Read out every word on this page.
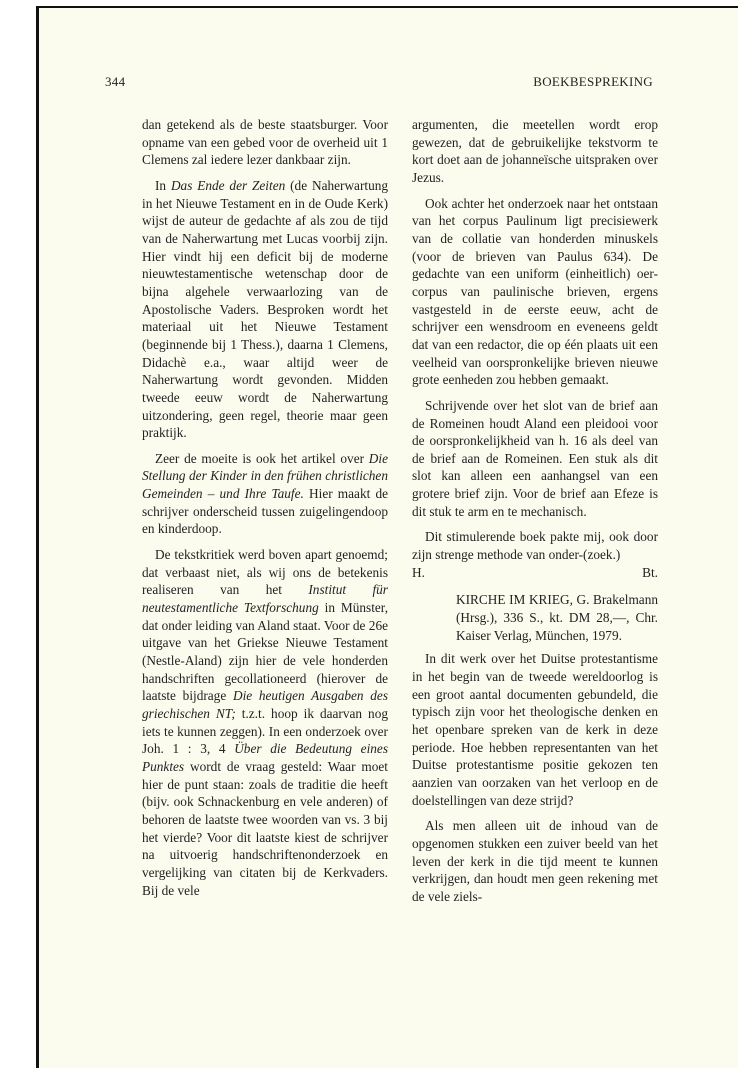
344	BOEKBESPREKING

dan getekend als de beste staatsburger. Voor opname van een gebed voor de overheid uit 1 Clemens zal iedere lezer dankbaar zijn.

In Das Ende der Zeiten (de Naherwartung in het Nieuwe Testament en in de Oude Kerk) wijst de auteur de gedachte af als zou de tijd van de Naherwartung met Lucas voorbij zijn. Hier vindt hij een deficit bij de moderne nieuwtestamentische wetenschap door de bijna algehele verwaarlozing van de Apostolische Vaders. Besproken wordt het materiaal uit het Nieuwe Testament (beginnende bij 1 Thess.), daarna 1 Clemens, Didachè e.a., waar altijd weer de Naherwartung wordt gevonden. Midden tweede eeuw wordt de Naherwartung uitzondering, geen regel, theorie maar geen praktijk.

Zeer de moeite is ook het artikel over Die Stellung der Kinder in den frühen christlichen Gemeinden – und Ihre Taufe. Hier maakt de schrijver onderscheid tussen zuigelingendoop en kinderdoop.

De tekstkritiek werd boven apart genoemd; dat verbaast niet, als wij ons de betekenis realiseren van het Institut für neutestamentliche Textforschung in Münster, dat onder leiding van Aland staat. Voor de 26e uitgave van het Griekse Nieuwe Testament (Nestle-Aland) zijn hier de vele honderden handschriften gecollationeerd (hierover de laatste bijdrage Die heutigen Ausgaben des griechischen NT; t.z.t. hoop ik daarvan nog iets te kunnen zeggen). In een onderzoek over Joh. 1 : 3, 4 Über die Bedeutung eines Punktes wordt de vraag gesteld: Waar moet hier de punt staan: zoals de traditie die heeft (bijv. ook Schnackenburg en vele anderen) of behoren de laatste twee woorden van vs. 3 bij het vierde? Voor dit laatste kiest de schrijver na uitvoerig handschriftenonderzoek en vergelijking van citaten bij de Kerkvaders. Bij de vele

argumenten, die meetellen wordt erop gewezen, dat de gebruikelijke tekstvorm te kort doet aan de johanneïsche uitspraken over Jezus.

Ook achter het onderzoek naar het ontstaan van het corpus Paulinum ligt precisiewerk van de collatie van honderden minuskels (voor de brieven van Paulus 634). De gedachte van een uniform (einheitlich) oer-corpus van paulinische brieven, ergens vastgesteld in de eerste eeuw, acht de schrijver een wensdroom en eveneens geldt dat van een redactor, die op één plaats uit een veelheid van oorspronkelijke brieven nieuwe grote eenheden zou hebben gemaakt.

Schrijvende over het slot van de brief aan de Romeinen houdt Aland een pleidooi voor de oorspronkelijkheid van h. 16 als deel van de brief aan de Romeinen. Een stuk als dit slot kan alleen een aanhangsel van een grotere brief zijn. Voor de brief aan Efeze is dit stuk te arm en te mechanisch.

Dit stimulerende boek pakte mij, ook door zijn strenge methode van onder-(zoek.)

H.	Bt.

KIRCHE IM KRIEG, G. Brakelmann (Hrsg.), 336 S., kt. DM 28,—, Chr. Kaiser Verlag, München, 1979.

In dit werk over het Duitse protestantisme in het begin van de tweede wereldoorlog is een groot aantal documenten gebundeld, die typisch zijn voor het theologische denken en het openbare spreken van de kerk in deze periode. Hoe hebben representanten van het Duitse protestantisme positie gekozen ten aanzien van oorzaken van het verloop en de doelstellingen van deze strijd?

Als men alleen uit de inhoud van de opgenomen stukken een zuiver beeld van het leven der kerk in die tijd meent te kunnen verkrijgen, dan houdt men geen rekening met de vele ziels-
